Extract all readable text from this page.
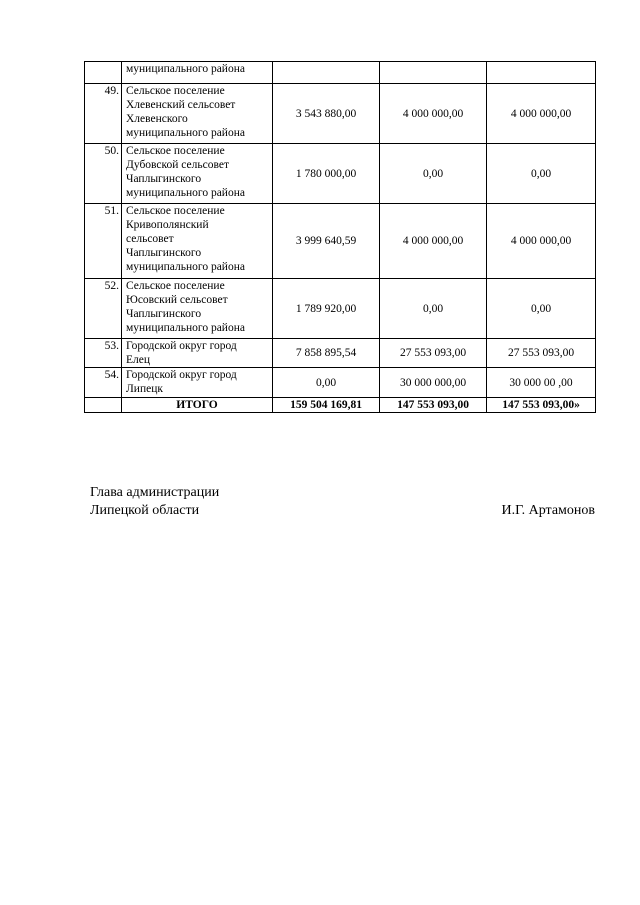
	муниципального района			

49.	Сельское поселение
Хлевенский сельсовет
Хлевенского
муниципального района	3 543 880,00	4 000 000,00	4 000 000,00
50.	Сельское поселение
Дубовской сельсовет
Чаплыгинского
муниципального района	1 780 000,00	0,00	0,00
51.	Сельское поселение
Кривополянский
сельсовет
Чаплыгинского
муниципального района	3 999 640,59	4 000 000,00	4 000 000,00
52.	Сельское поселение
Юсовский сельсовет
Чаплыгинского
муниципального района	1 789 920,00	0,00	0,00
53.	Городской округ город
Елец	7 858 895,54	27 553 093,00	27 553 093,00
54.	Городской округ город
Липецк	0,00	30 000 000,00	30 000 00 ,00
	ИТОГО	159 504 169,81	147 553 093,00	147 553 093,00»
Глава администрации
Липецкой области	И.Г. Артамонов
